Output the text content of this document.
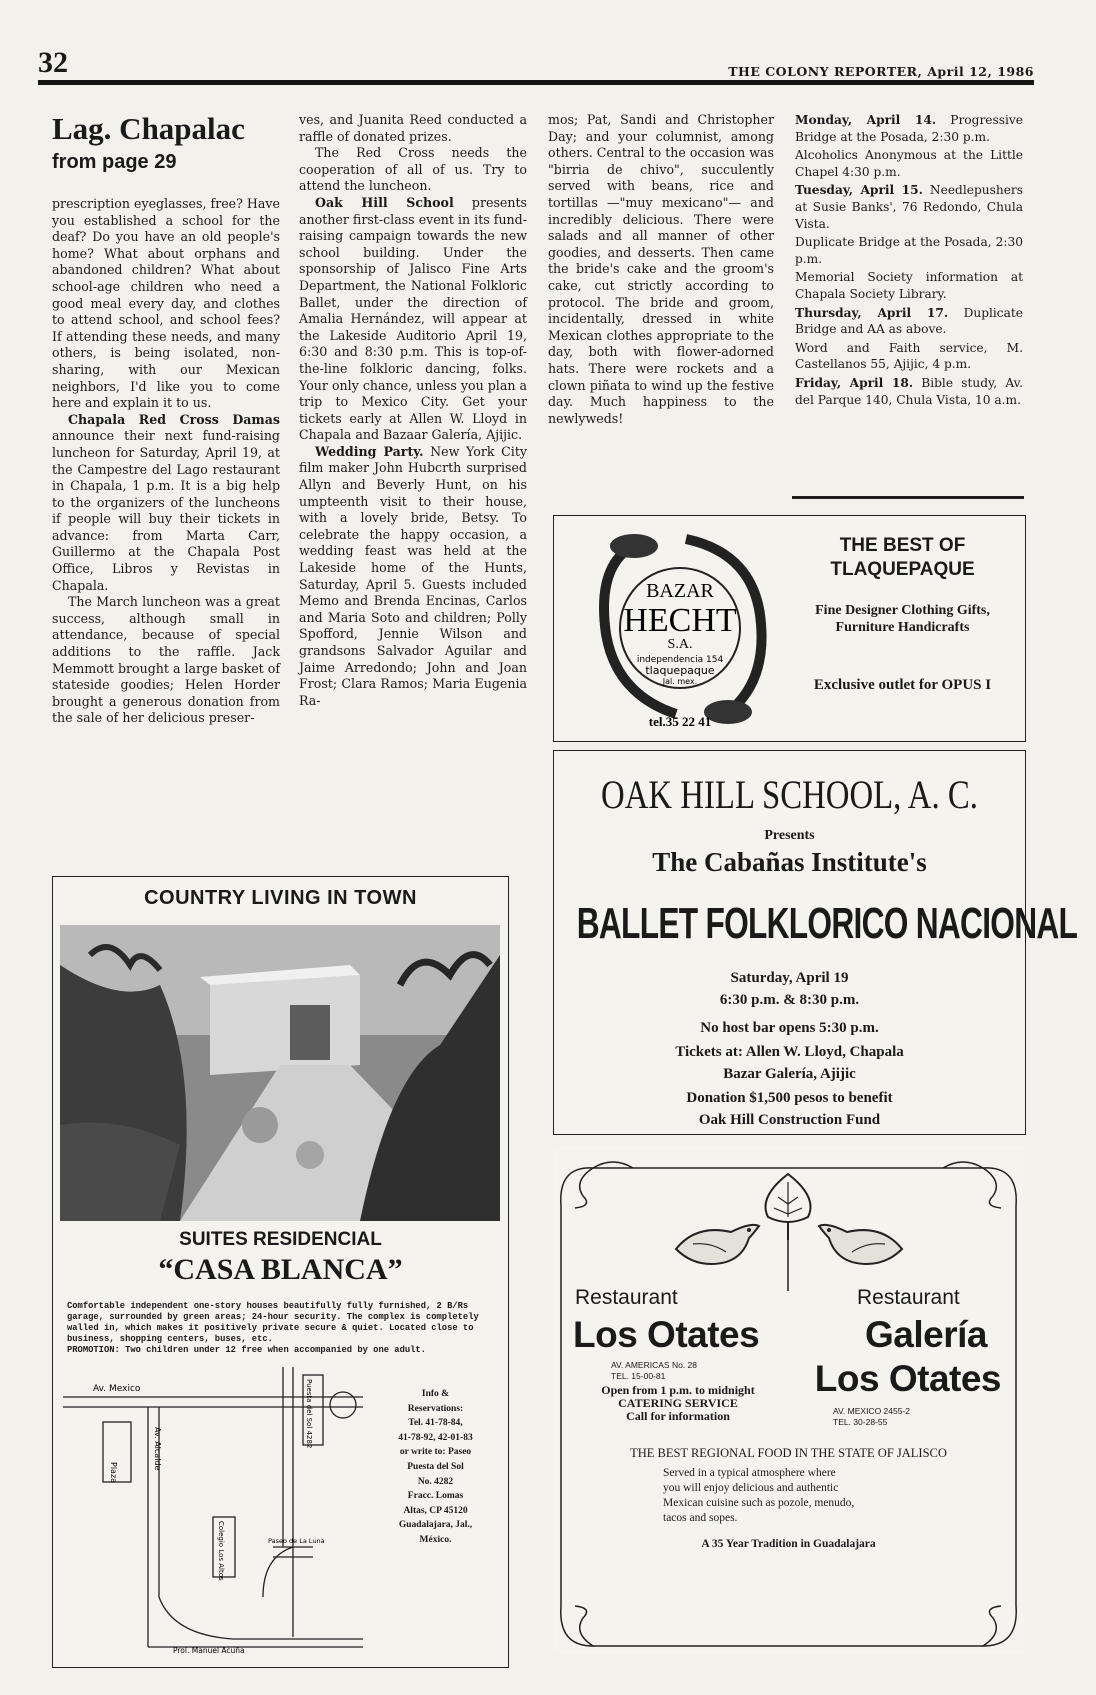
32	THE COLONY REPORTER, April 12, 1986
Lag. Chapalac
from page 29

prescription eyeglasses, free? Have you established a school for the deaf? Do you have an old people's home? What about orphans and abandoned children? What about school-age children who need a good meal every day, and clothes to attend school, and school fees? If attending these needs, and many others, is being isolated, non-sharing, with our Mexican neighbors, I'd like you to come here and explain it to us.

Chapala Red Cross Damas announce their next fund-raising luncheon for Saturday, April 19, at the Campestre del Lago restaurant in Chapala, 1 p.m. It is a big help to the organizers of the luncheons if people will buy their tickets in advance: from Marta Carr, Guillermo at the Chapala Post Office, Libros y Revistas in Chapala.

The March luncheon was a great success, although small in attendance, because of special additions to the raffle. Jack Memmott brought a large basket of stateside goodies; Helen Horder brought a generous donation from the sale of her delicious preser-

ves, and Juanita Reed conducted a raffle of donated prizes.

The Red Cross needs the cooperation of all of us. Try to attend the luncheon.

Oak Hill School presents another first-class event in its fund-raising campaign towards the new school building. Under the sponsorship of Jalisco Fine Arts Department, the National Folkloric Ballet, under the direction of Amalia Hernández, will appear at the Lakeside Auditorio April 19, 6:30 and 8:30 p.m. This is top-of-the-line folkloric dancing, folks. Your only chance, unless you plan a trip to Mexico City. Get your tickets early at Allen W. Lloyd in Chapala and Bazaar Galería, Ajijic.

Wedding Party. New York City film maker John Hubcrth surprised Allyn and Beverly Hunt, on his umpteenth visit to their house, with a lovely bride, Betsy. To celebrate the happy occasion, a wedding feast was held at the Lakeside home of the Hunts, Saturday, April 5. Guests included Memo and Brenda Encinas, Carlos and Maria Soto and children; Polly Spofford, Jennie Wilson and grandsons Salvador Aguilar and Jaime Arredondo; John and Joan Frost; Clara Ramos; Maria Eugenia Ra-

mos; Pat, Sandi and Christopher Day; and your columnist, among others. Central to the occasion was "birria de chivo", succulently served with beans, rice and tortillas —"muy mexicano"— and incredibly delicious. There were salads and all manner of other goodies, and desserts. Then came the bride's cake and the groom's cake, cut strictly according to protocol. The bride and groom, incidentally, dressed in white Mexican clothes appropriate to the day, both with flower-adorned hats. There were rockets and a clown piñata to wind up the festive day. Much happiness to the newlyweds!

Monday, April 14. Progressive Bridge at the Posada, 2:30 p.m.

Alcoholics Anonymous at the Little Chapel 4:30 p.m.

Tuesday, April 15. Needlepushers at Susie Banks', 76 Redondo, Chula Vista.

Duplicate Bridge at the Posada, 2:30 p.m.

Memorial Society information at Chapala Society Library.

Thursday, April 17. Duplicate Bridge and AA as above.

Word and Faith service, M. Castellanos 55, Ajijic, 4 p.m.

Friday, April 18. Bible study, Av. del Parque 140, Chula Vista, 10 a.m.

COUNTRY LIVING IN TOWN
SUITES RESIDENCIAL
“CASA BLANCA”
Comfortable independent one-story houses beautifully fully furnished, 2 B/Rs garage, surrounded by green areas; 24-hour security. The complex is completely walled in, which makes it positively private secure & quiet. Located close to business, shopping centers, buses, etc.
PROMOTION: Two children under 12 free when accompanied by one adult.
Av. Mexico
Plaza
Av. Alcalde
Colegio Los Altos	Paseo de La Luna
Puesta del Sol 4282
Prol. Manuel Acuña
Info &
Reservations:
Tel. 41-78-84,
41-78-92, 42-01-83
or write to: Paseo
Puesta del Sol
No. 4282
Fracc. Lomas
Altas, CP 45120
Guadalajara, Jal.,
México.
BAZAR
HECHT
S.A.
independencia 154
tlaquepaque
Jal. mex.
tel.35 22 41
THE BEST OF TLAQUEPAQUE
Fine Designer Clothing Gifts, Furniture Handicrafts
Exclusive outlet for OPUS I
OAK HILL SCHOOL, A. C.
Presents
The Cabañas Institute's
BALLET FOLKLORICO NACIONAL
Saturday, April 19
6:30 p.m. & 8:30 p.m.
No host bar opens 5:30 p.m.
Tickets at: Allen W. Lloyd, Chapala
Bazar Galería, Ajijic
Donation $1,500 pesos to benefit
Oak Hill Construction Fund
Restaurant
Los Otates
AV. AMERICAS No. 28
TEL. 15-00-81
Open from 1 p.m. to midnight
CATERING SERVICE
Call for information
Restaurant
Galería
Los Otates
AV. MEXICO 2455-2
TEL. 30-28-55
THE BEST REGIONAL FOOD IN THE STATE OF JALISCO
Served in a typical atmosphere where
you will enjoy delicious and authentic
Mexican cuisine such as pozole, menudo,
tacos and sopes.
A 35 Year Tradition in Guadalajara
